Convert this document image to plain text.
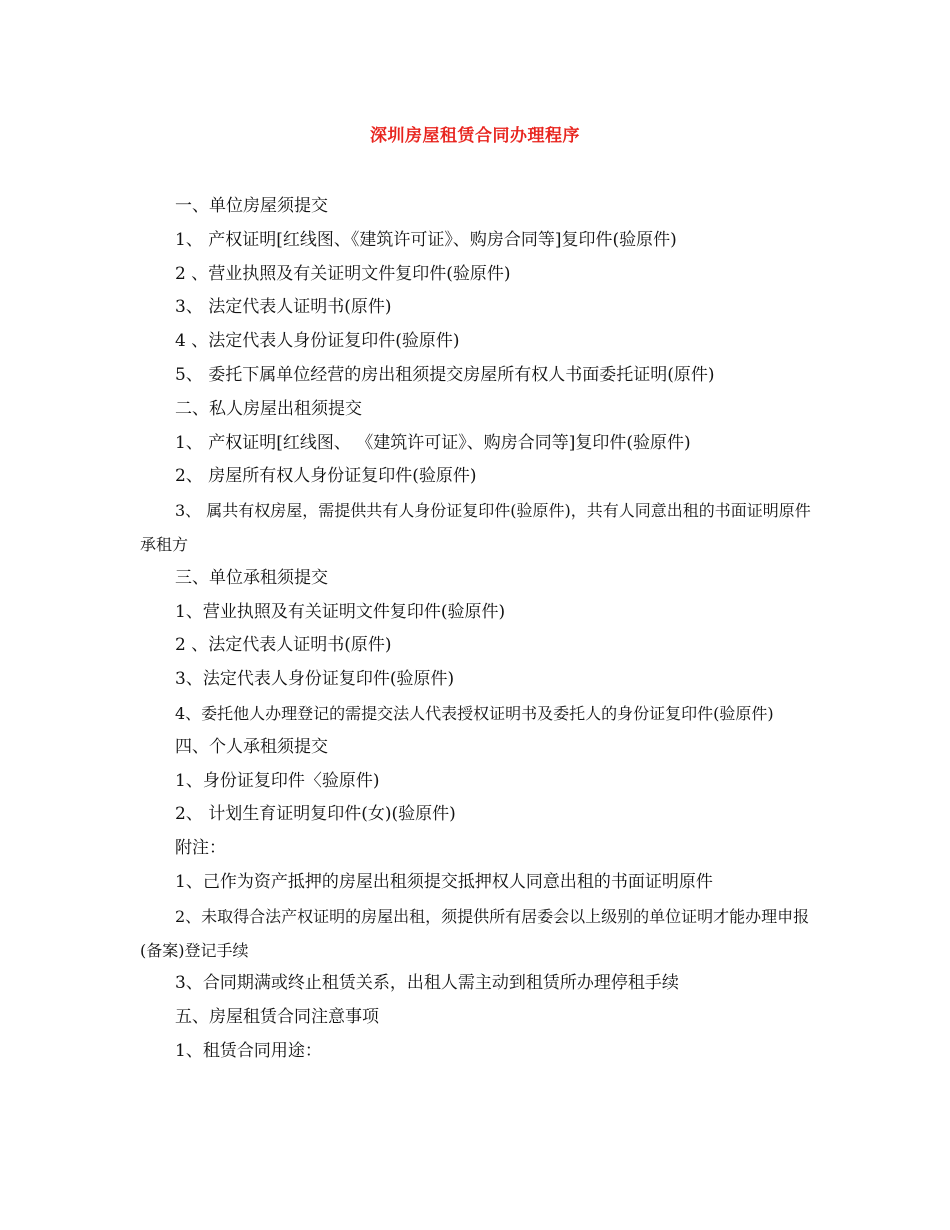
深圳房屋租赁合同办理程序
一、单位房屋须提交
1、 产权证明[红线图、《建筑许可证》、购房合同等]复印件(验原件)
2 、营业执照及有关证明文件复印件(验原件)
3、 法定代表人证明书(原件)
4 、法定代表人身份证复印件(验原件)
5、 委托下属单位经营的房出租须提交房屋所有权人书面委托证明(原件)
二、私人房屋出租须提交
1、 产权证明[红线图、 《建筑许可证》、购房合同等]复印件(验原件)
2、 房屋所有权人身份证复印件(验原件)
3、 属共有权房屋，需提供共有人身份证复印件(验原件)，共有人同意出租的书面证明原件承租方
三、单位承租须提交
1、营业执照及有关证明文件复印件(验原件)
2 、法定代表人证明书(原件)
3、法定代表人身份证复印件(验原件)
4、委托他人办理登记的需提交法人代表授权证明书及委托人的身份证复印件(验原件)
四、个人承租须提交
1、身份证复印件〈验原件)
2、 计划生育证明复印件(女)(验原件)
附注：
1、己作为资产抵押的房屋出租须提交抵押权人同意出租的书面证明原件
2、未取得合法产权证明的房屋出租，须提供所有居委会以上级别的单位证明才能办理申报(备案)登记手续
3、合同期满或终止租赁关系，出租人需主动到租赁所办理停租手续
五、房屋租赁合同注意事项
1、租赁合同用途：
